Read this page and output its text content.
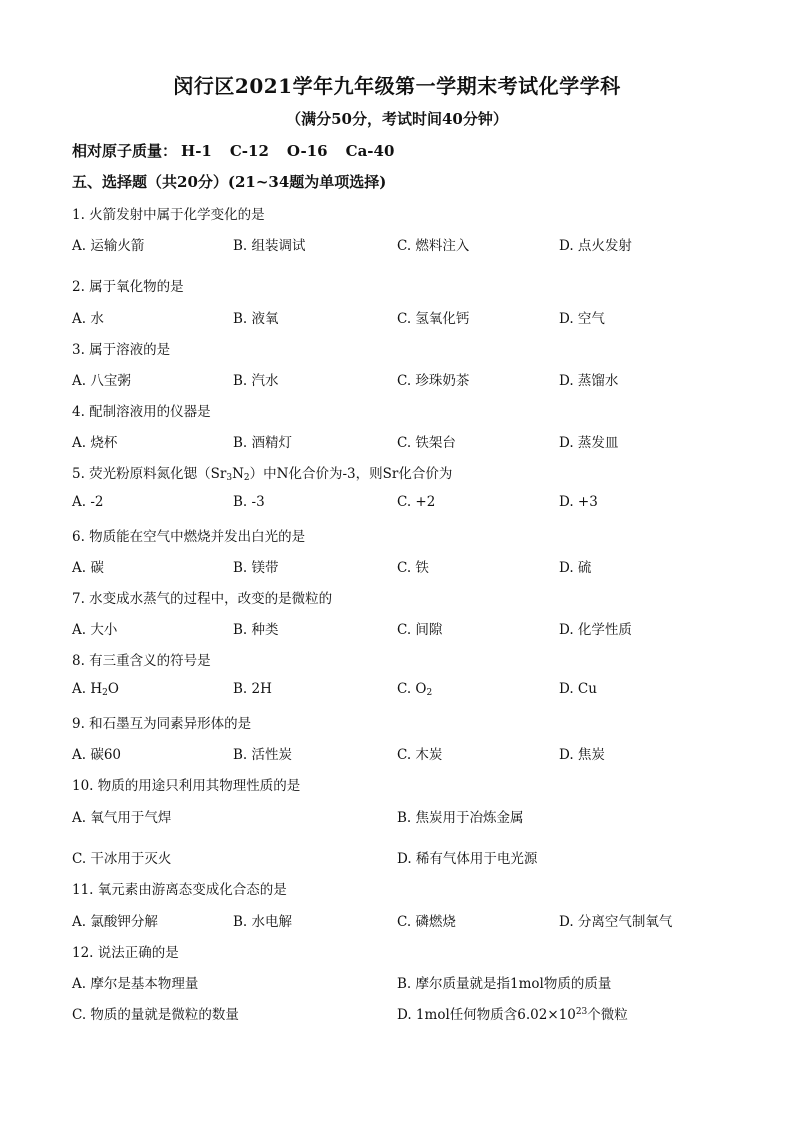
闵行区2021学年九年级第一学期末考试化学学科
（满分50分，考试时间40分钟）
相对原子质量： H-1 C-12 O-16 Ca-40
五、选择题（共20分）(21~34题为单项选择)
1. 火箭发射中属于化学变化的是
A. 运输火箭	B. 组装调试	C. 燃料注入	D. 点火发射
2. 属于氧化物的是
A. 水	B. 液氧	C. 氢氧化钙	D. 空气
3. 属于溶液的是
A. 八宝粥	B. 汽水	C. 珍珠奶茶	D. 蒸馏水
4. 配制溶液用的仪器是
A. 烧杯	B. 酒精灯	C. 铁架台	D. 蒸发皿
5. 荧光粉原料氮化锶$(Sr_3N_2)$中N化合价为-3，则Sr化合价为
A. -2	B. -3	C. +2	D. +3
6. 物质能在空气中燃烧并发出白光的是
A. 碳	B. 镁带	C. 铁	D. 硫
7. 水变成水蒸气的过程中，改变的是微粒的
A. 大小	B. 种类	C. 间隙	D. 化学性质
8. 有三重含义的符号是
A. $H_2O$	B. 2H	C. $O_2$	D. Cu
9. 和石墨互为同素异形体的是
A. 碳60	B. 活性炭	C. 木炭	D. 焦炭
10. 物质的用途只利用其物理性质的是
A. 氧气用于气焊	B. 焦炭用于冶炼金属
C. 干冰用于灭火	D. 稀有气体用于电光源
11. 氧元素由游离态变成化合态的是
A. 氯酸钾分解	B. 水电解	C. 磷燃烧	D. 分离空气制氧气
12. 说法正确的是
A. 摩尔是基本物理量	B. 摩尔质量就是指1mol物质的质量
C. 物质的量就是微粒的数量	D. 1mol任何物质含$6.02\times 10^{23}$个微粒
